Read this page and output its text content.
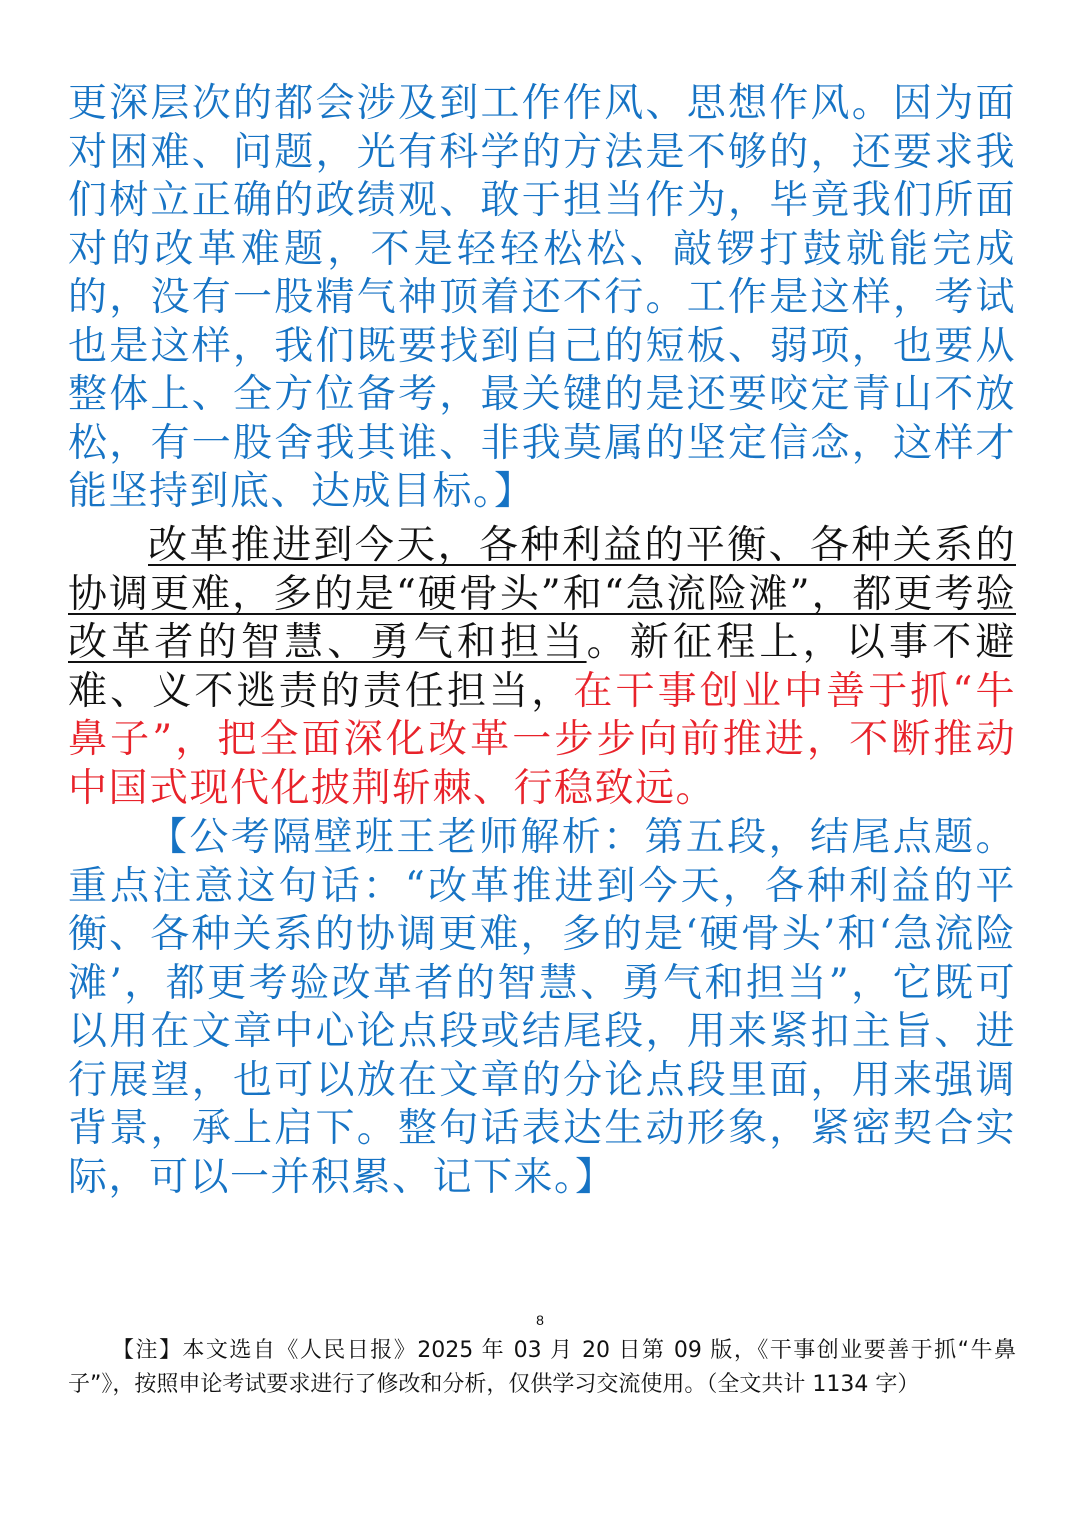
更深层次的都会涉及到工作作风、思想作风。因为面对困难、问题，光有科学的方法是不够的，还要求我们树立正确的政绩观、敢于担当作为，毕竟我们所面对的改革难题，不是轻轻松松、敲锣打鼓就能完成的，没有一股精气神顶着还不行。工作是这样，考试也是这样，我们既要找到自己的短板、弱项，也要从整体上、全方位备考，最关键的是还要咬定青山不放松，有一股舍我其谁、非我莫属的坚定信念，这样才能坚持到底、达成目标。】

改革推进到今天，各种利益的平衡、各种关系的协调更难，多的是“硬骨头”和“急流险滩”，都更考验改革者的智慧、勇气和担当。新征程上，以事不避难、义不逃责的责任担当，在干事创业中善于抓“牛鼻子”，把全面深化改革一步步向前推进，不断推动中国式现代化披荆斩棘、行稳致远。

【公考隔壁班王老师解析：第五段，结尾点题。重点注意这句话：“改革推进到今天，各种利益的平衡、各种关系的协调更难，多的是‘硬骨头’和‘急流险滩’，都更考验改革者的智慧、勇气和担当”，它既可以用在文章中心论点段或结尾段，用来紧扣主旨、进行展望，也可以放在文章的分论点段里面，用来强调背景，承上启下。整句话表达生动形象，紧密契合实际，可以一并积累、记下来。】

8

【注】本文选自《人民日报》2025 年 03 月 20 日第 09 版，《干事创业要善于抓“牛鼻子”》，按照申论考试要求进行了修改和分析，仅供学习交流使用。（全文共计 1134 字）
